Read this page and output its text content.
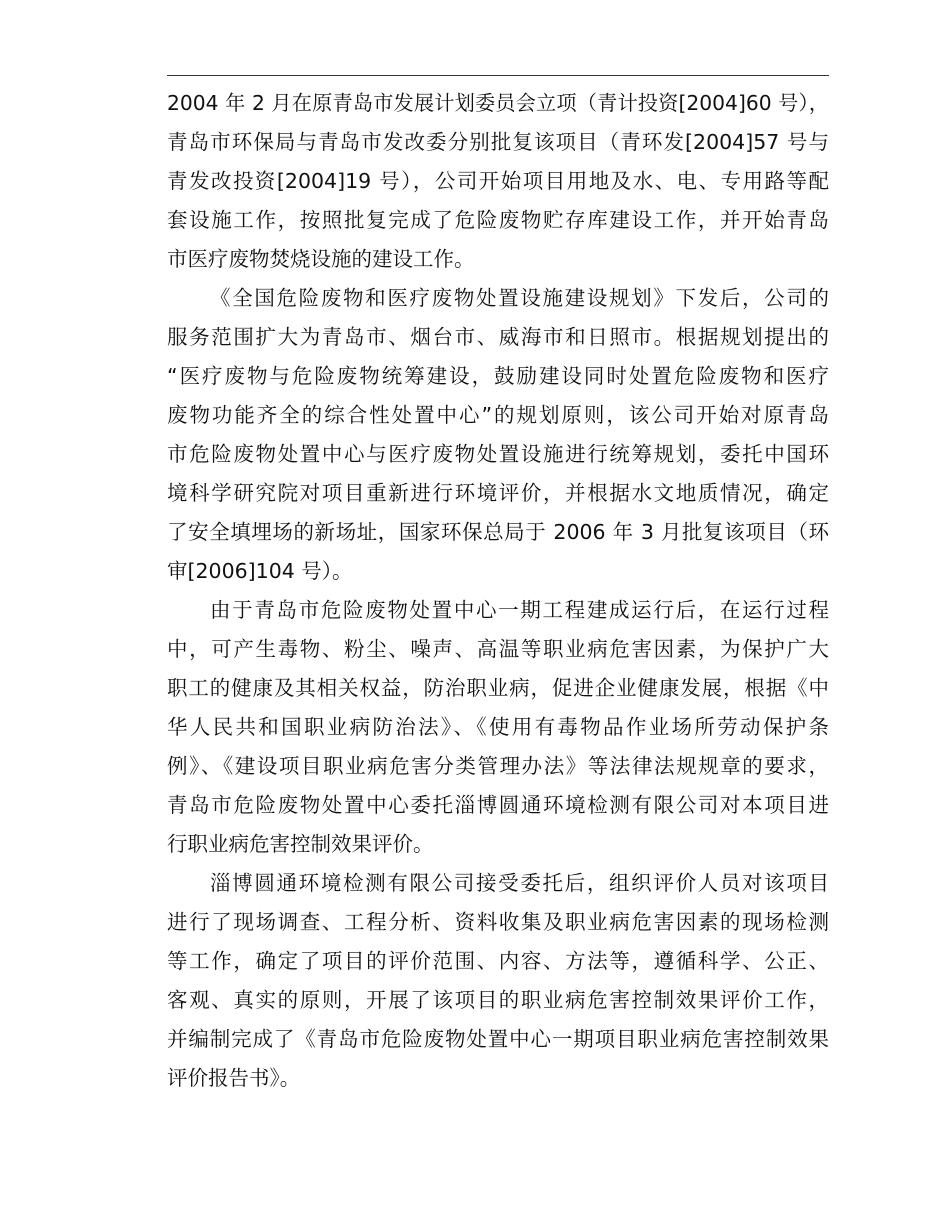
2004 年 2 月在原青岛市发展计划委员会立项（青计投资[2004]60 号），
青岛市环保局与青岛市发改委分别批复该项目（青环发[2004]57 号与
青发改投资[2004]19 号），公司开始项目用地及水、电、专用路等配
套设施工作，按照批复完成了危险废物贮存库建设工作，并开始青岛
市医疗废物焚烧设施的建设工作。
《全国危险废物和医疗废物处置设施建设规划》下发后，公司的
服务范围扩大为青岛市、烟台市、威海市和日照市。根据规划提出的
“医疗废物与危险废物统筹建设，鼓励建设同时处置危险废物和医疗
废物功能齐全的综合性处置中心”的规划原则，该公司开始对原青岛
市危险废物处置中心与医疗废物处置设施进行统筹规划，委托中国环
境科学研究院对项目重新进行环境评价，并根据水文地质情况，确定
了安全填埋场的新场址，国家环保总局于 2006 年 3 月批复该项目（环
审[2006]104 号）。
由于青岛市危险废物处置中心一期工程建成运行后，在运行过程
中，可产生毒物、粉尘、噪声、高温等职业病危害因素，为保护广大
职工的健康及其相关权益，防治职业病，促进企业健康发展，根据《中
华人民共和国职业病防治法》、《使用有毒物品作业场所劳动保护条
例》、《建设项目职业病危害分类管理办法》等法律法规规章的要求，
青岛市危险废物处置中心委托淄博圆通环境检测有限公司对本项目进
行职业病危害控制效果评价。
淄博圆通环境检测有限公司接受委托后，组织评价人员对该项目
进行了现场调查、工程分析、资料收集及职业病危害因素的现场检测
等工作，确定了项目的评价范围、内容、方法等，遵循科学、公正、
客观、真实的原则，开展了该项目的职业病危害控制效果评价工作，
并编制完成了《青岛市危险废物处置中心一期项目职业病危害控制效果
评价报告书》。
